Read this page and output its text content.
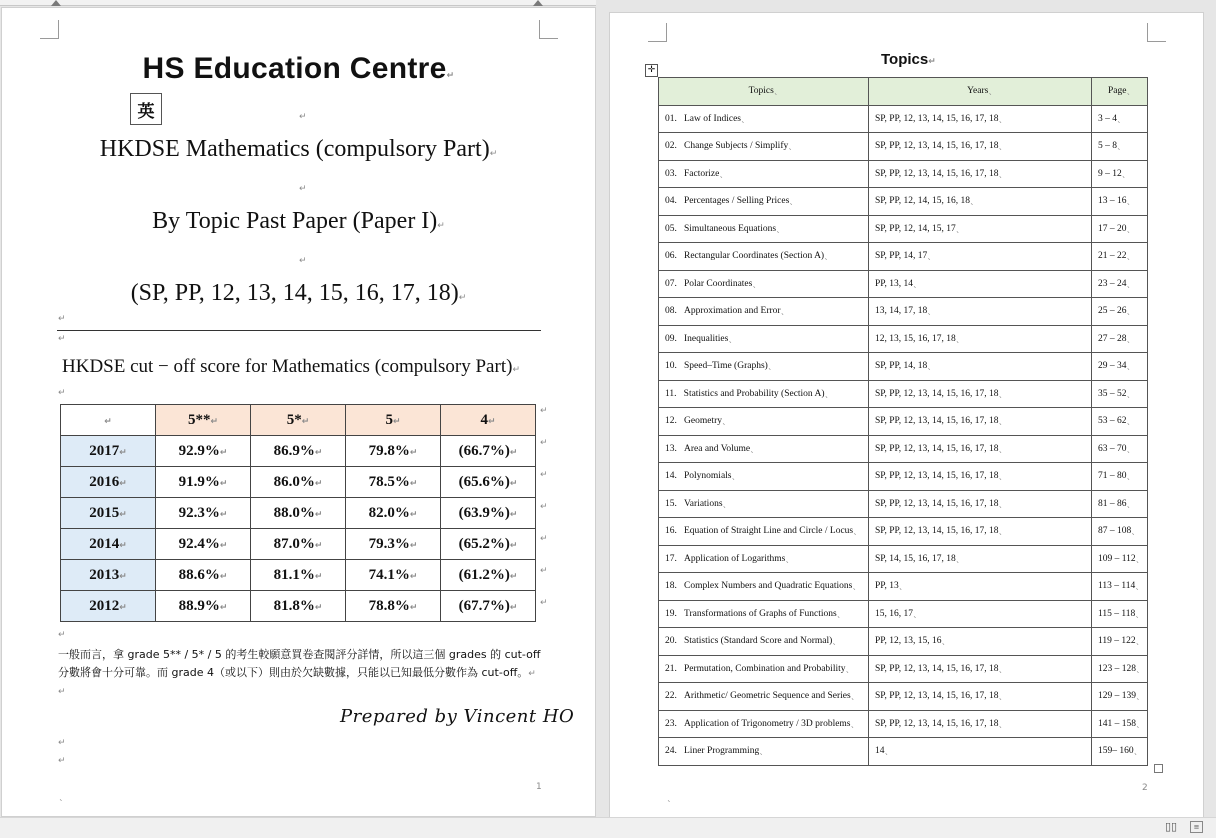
HS Education Centre↵
英	↵
HKDSE Mathematics (compulsory Part)↵
↵
By Topic Past Paper (Paper I)↵
↵
(SP, PP, 12, 13, 14, 15, 16, 17, 18)↵
↵
↵
HKDSE cut − off score for Mathematics (compulsory Part)↵
↵
↵	5**↵	5*↵	5↵	4↵
2017↵	92.9%↵	86.9%↵	79.8%↵	(66.7%)↵
2016↵	91.9%↵	86.0%↵	78.5%↵	(65.6%)↵
2015↵	92.3%↵	88.0%↵	82.0%↵	(63.9%)↵
2014↵	92.4%↵	87.0%↵	79.3%↵	(65.2%)↵
2013↵	88.6%↵	81.1%↵	74.1%↵	(61.2%)↵
2012↵	88.9%↵	81.8%↵	78.8%↵	(67.7%)↵
↵
↵
↵
↵
↵
↵
↵
↵
一般而言，拿 grade 5** / 5* / 5 的考生較願意買卷查閱評分詳情，所以這三個 grades 的 cut-off
分數將會十分可靠。而 grade 4（或以下）則由於欠缺數據，只能以已知最低分數作為 cut-off。↵
↵
Prepared by Vincent HO
↵
↵
1
ˎ
Topics↵
✛
Topicsˎ	Yearsˎ	Pageˎ
01. Law of Indicesˎ	SP, PP, 12, 13, 14, 15, 16, 17, 18ˎ	3 – 4ˎ
02. Change Subjects / Simplifyˎ	SP, PP, 12, 13, 14, 15, 16, 17, 18ˎ	5 – 8ˎ
03. Factorizeˎ	SP, PP, 12, 13, 14, 15, 16, 17, 18ˎ	9 – 12ˎ
04. Percentages / Selling Pricesˎ	SP, PP, 12, 14, 15, 16, 18ˎ	13 – 16ˎ
05. Simultaneous Equationsˎ	SP, PP, 12, 14, 15, 17ˎ	17 – 20ˎ
06. Rectangular Coordinates (Section A)ˎ	SP, PP, 14, 17ˎ	21 – 22ˎ
07. Polar Coordinatesˎ	PP, 13, 14ˎ	23 – 24ˎ
08. Approximation and Errorˎ	13, 14, 17, 18ˎ	25 – 26ˎ
09. Inequalitiesˎ	12, 13, 15, 16, 17, 18ˎ	27 – 28ˎ
10. Speed–Time (Graphs)ˎ	SP, PP, 14, 18ˎ	29 – 34ˎ
11. Statistics and Probability (Section A)ˎ	SP, PP, 12, 13, 14, 15, 16, 17, 18ˎ	35 – 52ˎ
12. Geometryˎ	SP, PP, 12, 13, 14, 15, 16, 17, 18ˎ	53 – 62ˎ
13. Area and Volumeˎ	SP, PP, 12, 13, 14, 15, 16, 17, 18ˎ	63 – 70ˎ
14. Polynomialsˎ	SP, PP, 12, 13, 14, 15, 16, 17, 18ˎ	71 – 80ˎ
15. Variationsˎ	SP, PP, 12, 13, 14, 15, 16, 17, 18ˎ	81 – 86ˎ
16. Equation of Straight Line and Circle / Locusˎ	SP, PP, 12, 13, 14, 15, 16, 17, 18ˎ	87 – 108ˎ
17. Application of Logarithmsˎ	SP, 14, 15, 16, 17, 18ˎ	109 – 112ˎ
18. Complex Numbers and Quadratic Equationsˎ	PP, 13ˎ	113 – 114ˎ
19. Transformations of Graphs of Functionsˎ	15, 16, 17ˎ	115 – 118ˎ
20. Statistics (Standard Score and Normal)ˎ	PP, 12, 13, 15, 16ˎ	119 – 122ˎ
21. Permutation, Combination and Probabilityˎ	SP, PP, 12, 13, 14, 15, 16, 17, 18ˎ	123 – 128ˎ
22. Arithmetic/ Geometric Sequence and Seriesˎ	SP, PP, 12, 13, 14, 15, 16, 17, 18ˎ	129 – 139ˎ
23. Application of Trigonometry / 3D problemsˎ	SP, PP, 12, 13, 14, 15, 16, 17, 18ˎ	141 – 158ˎ
24. Liner Programmingˎ	14ˎ	159– 160ˎ
2
ˎ
▯▯	≡
